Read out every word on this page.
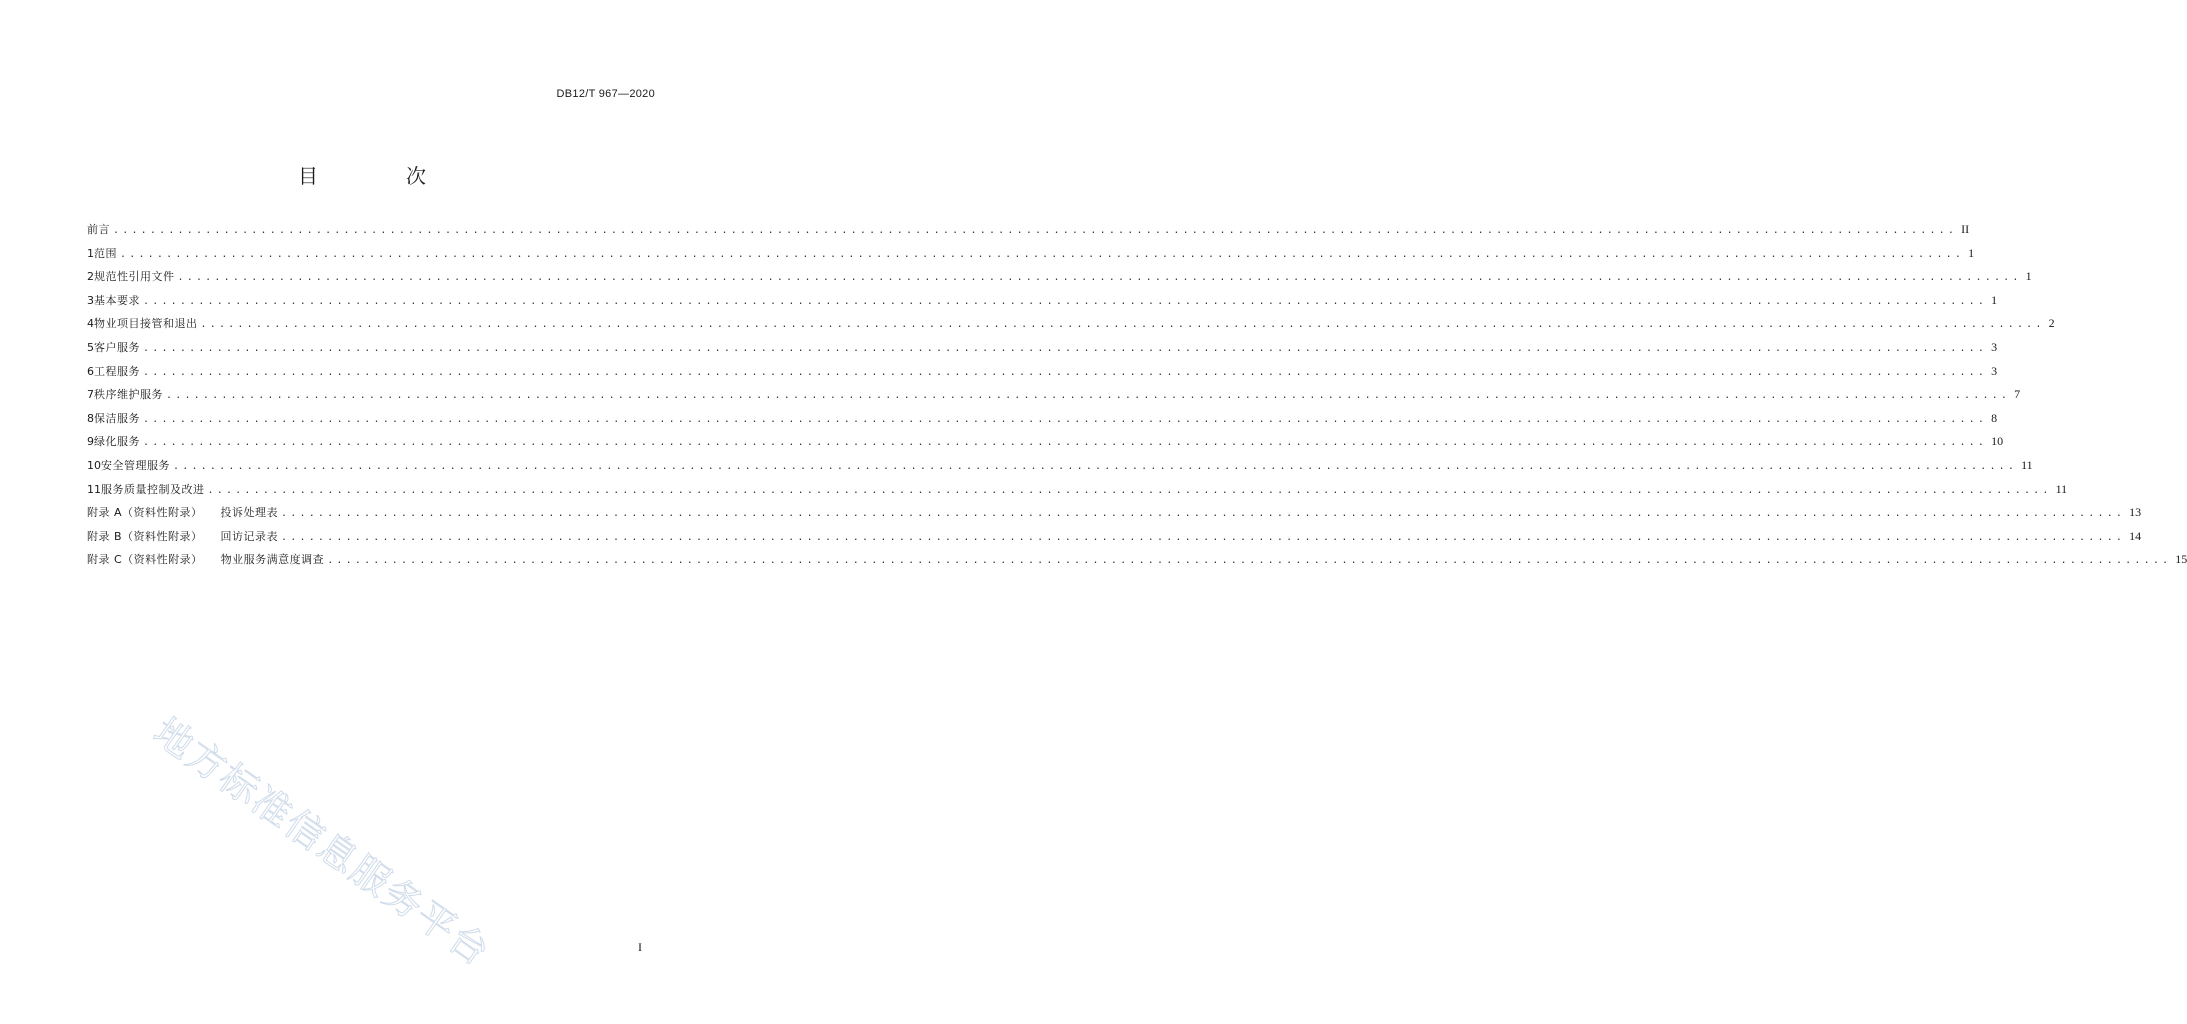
DB12/T 967—2020
目　次
前言 ........................................................................................................................................................................................................ II
1 范围 ........................................................................................................................................................................................................ 1
2 规范性引用文件 ........................................................................................................................................................................................................ 1
3 基本要求 ........................................................................................................................................................................................................ 1
4 物业项目接管和退出 ........................................................................................................................................................................................................ 2
5 客户服务 ........................................................................................................................................................................................................ 3
6 工程服务 ........................................................................................................................................................................................................ 3
7 秩序维护服务 ........................................................................................................................................................................................................ 7
8 保洁服务 ........................................................................................................................................................................................................ 8
9 绿化服务 ........................................................................................................................................................................................................ 10
10 安全管理服务 ........................................................................................................................................................................................................ 11
11 服务质量控制及改进 ........................................................................................................................................................................................................ 11
附录 A（资料性附录） 投诉处理表 ........................................................................................................................................................................................................ 13
附录 B（资料性附录） 回访记录表 ........................................................................................................................................................................................................ 14
附录 C（资料性附录） 物业服务满意度调查 ........................................................................................................................................................................................................ 15
地方标准信息服务平台	I
